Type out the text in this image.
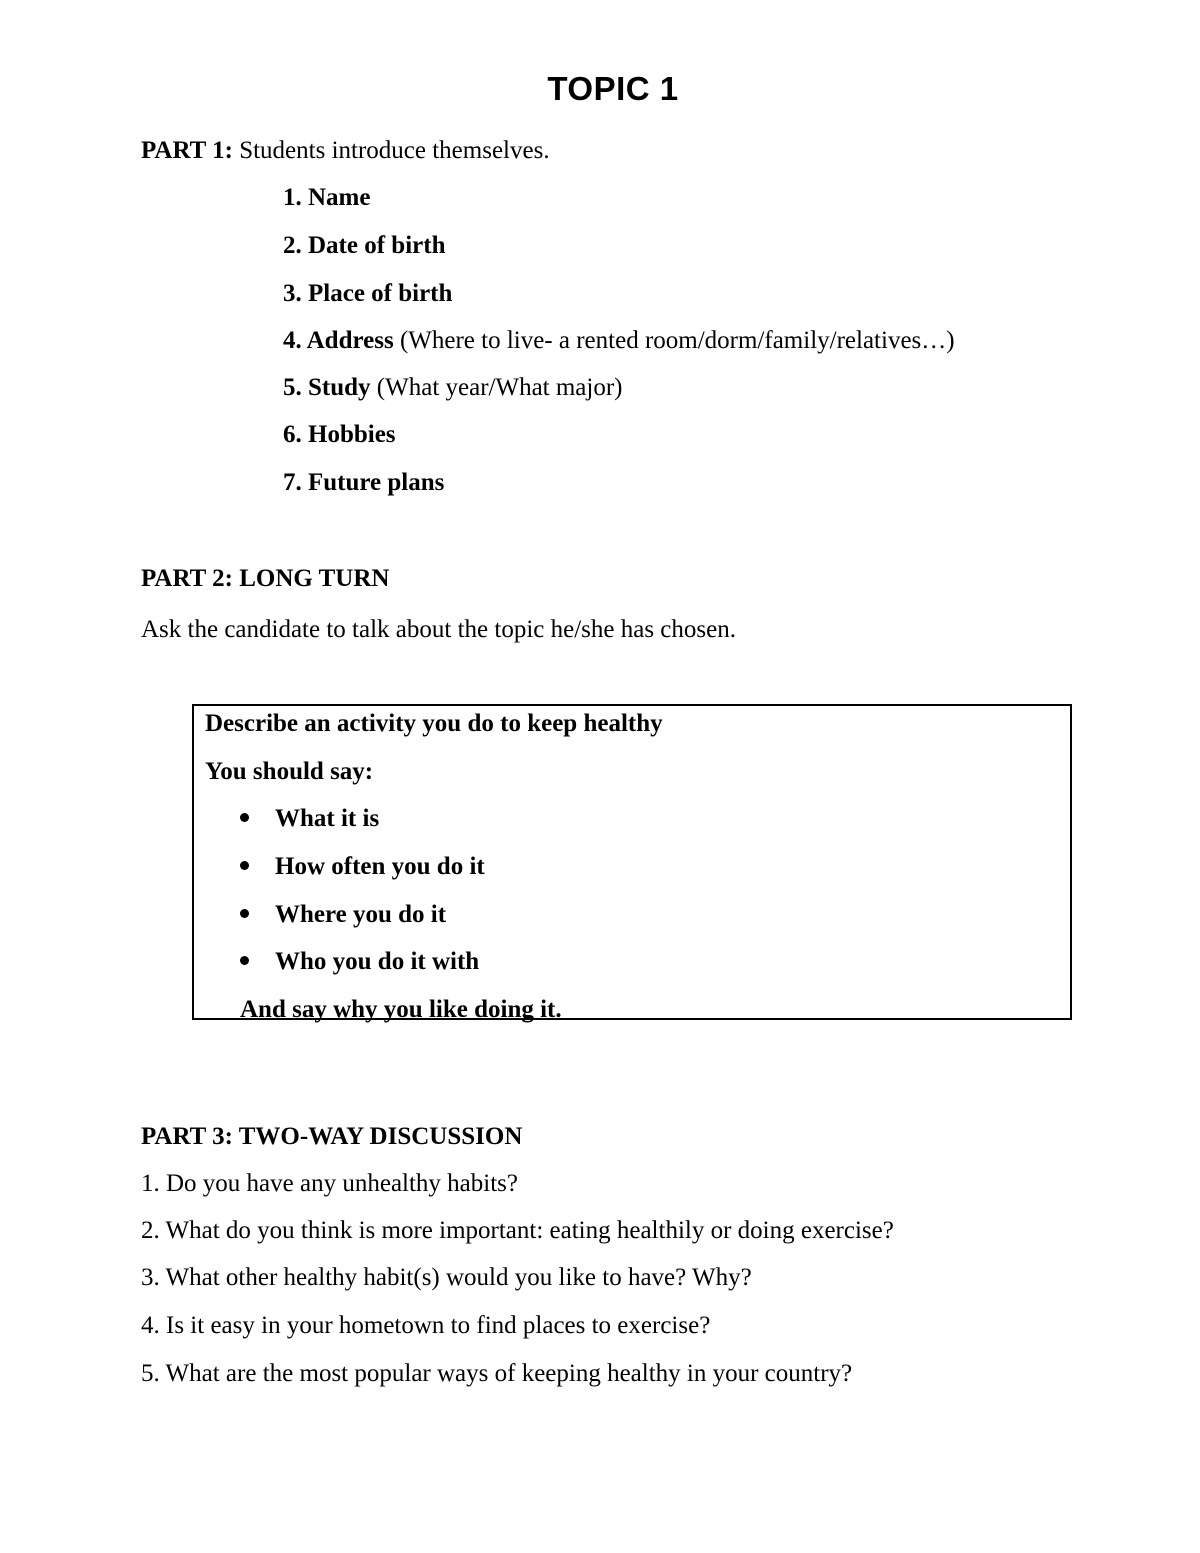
TOPIC 1
PART 1: Students introduce themselves.
1. Name
2. Date of birth
3. Place of birth
4. Address (Where to live- a rented room/dorm/family/relatives…)
5. Study (What year/What major)
6. Hobbies
7. Future plans
PART 2: LONG TURN
Ask the candidate to talk about the topic he/she has chosen.
Describe an activity you do to keep healthy
You should say:
What it is
How often you do it
Where you do it
Who you do it with
And say why you like doing it.
PART 3: TWO-WAY DISCUSSION
1. Do you have any unhealthy habits?
2. What do you think is more important: eating healthily or doing exercise?
3. What other healthy habit(s) would you like to have? Why?
4. Is it easy in your hometown to find places to exercise?
5. What are the most popular ways of keeping healthy in your country?
